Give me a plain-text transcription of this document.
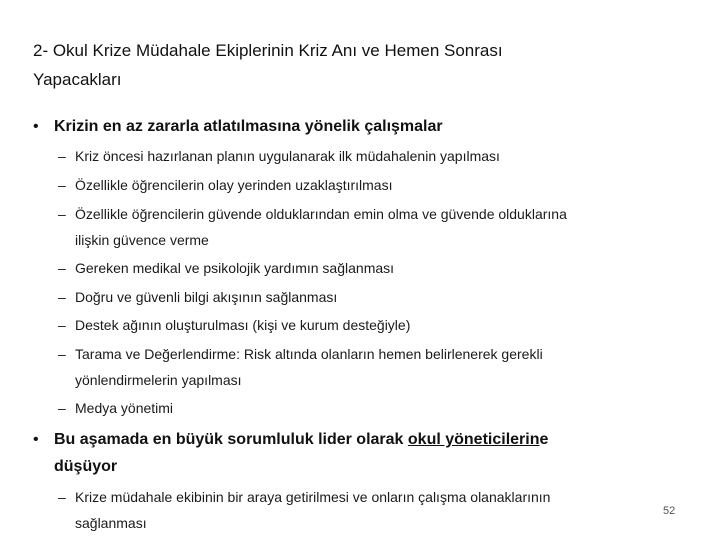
2- Okul Krize Müdahale Ekiplerinin Kriz Anı ve Hemen Sonrası
Yapacakları
• Krizin en az zararla atlatılmasına yönelik çalışmalar
– Kriz öncesi hazırlanan planın uygulanarak ilk müdahalenin yapılması
– Özellikle öğrencilerin olay yerinden uzaklaştırılması
– Özellikle öğrencilerin güvende olduklarından emin olma ve güvende olduklarına
ilişkin güvence verme
– Gereken medikal ve psikolojik yardımın sağlanması
– Doğru ve güvenli bilgi akışının sağlanması
– Destek ağının oluşturulması (kişi ve kurum desteğiyle)
– Tarama ve Değerlendirme: Risk altında olanların hemen belirlenerek gerekli
yönlendirmelerin yapılması
– Medya yönetimi
• Bu aşamada en büyük sorumluluk lider olarak okul yöneticilerine
düşüyor
– Krize müdahale ekibinin bir araya getirilmesi ve onların çalışma olanaklarının
sağlanması
52
